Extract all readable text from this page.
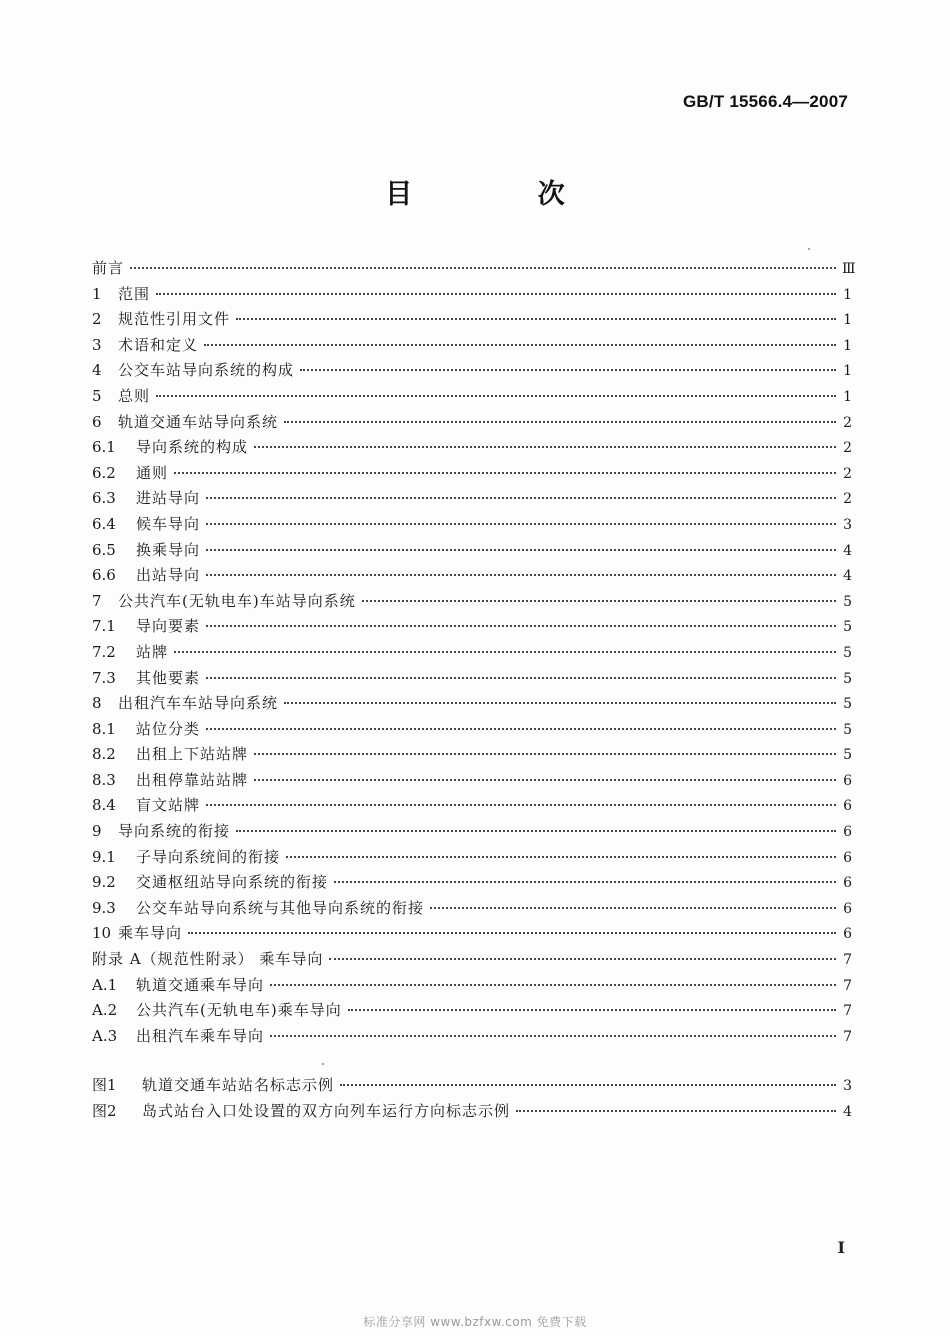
GB/T 15566.4—2007
目 次
前言	Ⅲ
1	范围	1
2	规范性引用文件	1
3	术语和定义	1
4	公交车站导向系统的构成	1
5	总则	1
6	轨道交通车站导向系统	2
6.1	导向系统的构成	2
6.2	通则	2
6.3	进站导向	2
6.4	候车导向	3
6.5	换乘导向	4
6.6	出站导向	4
7	公共汽车(无轨电车)车站导向系统	5
7.1	导向要素	5
7.2	站牌	5
7.3	其他要素	5
8	出租汽车车站导向系统	5
8.1	站位分类	5
8.2	出租上下站站牌	5
8.3	出租停靠站站牌	6
8.4	盲文站牌	6
9	导向系统的衔接	6
9.1	子导向系统间的衔接	6
9.2	交通枢纽站导向系统的衔接	6
9.3	公交车站导向系统与其他导向系统的衔接	6
10 乘车导向	6
附录 A（规范性附录） 乘车导向	7
A.1	轨道交通乘车导向	7
A.2	公共汽车(无轨电车)乘车导向	7
A.3	出租汽车乘车导向	7
图1	轨道交通车站站名标志示例	3
图2	岛式站台入口处设置的双方向列车运行方向标志示例	4
I
标准分享网 www.bzfxw.com 免费下载
